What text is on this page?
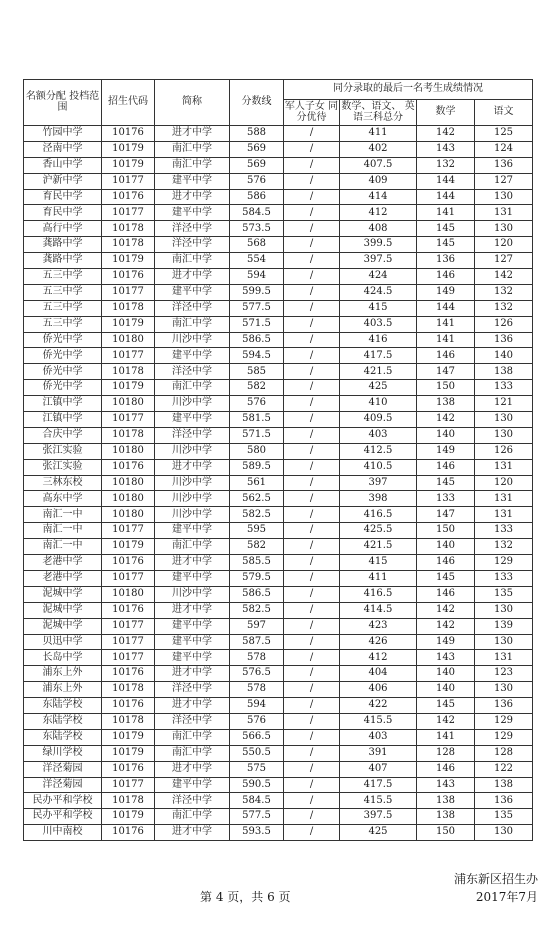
名额分配 投档范围	招生代码	简称	分数线	同分录取的最后一名考生成绩情况			
				军人子女 同分优待	数学、语文、 英语三科总分	数学	语文
竹园中学	10176	进才中学	588	/	411	142	125
泾南中学	10179	南汇中学	569	/	402	143	124
香山中学	10179	南汇中学	569	/	407.5	132	136
沪新中学	10177	建平中学	576	/	409	144	127
育民中学	10176	进才中学	586	/	414	144	130
育民中学	10177	建平中学	584.5	/	412	141	131
高行中学	10178	洋泾中学	573.5	/	408	145	130
龚路中学	10178	洋泾中学	568	/	399.5	145	120
龚路中学	10179	南汇中学	554	/	397.5	136	127
五三中学	10176	进才中学	594	/	424	146	142
五三中学	10177	建平中学	599.5	/	424.5	149	132
五三中学	10178	洋泾中学	577.5	/	415	144	132
五三中学	10179	南汇中学	571.5	/	403.5	141	126
侨光中学	10180	川沙中学	586.5	/	416	141	136
侨光中学	10177	建平中学	594.5	/	417.5	146	140
侨光中学	10178	洋泾中学	585	/	421.5	147	138
侨光中学	10179	南汇中学	582	/	425	150	133
江镇中学	10180	川沙中学	576	/	410	138	121
江镇中学	10177	建平中学	581.5	/	409.5	142	130
合庆中学	10178	洋泾中学	571.5	/	403	140	130
张江实验	10180	川沙中学	580	/	412.5	149	126
张江实验	10176	进才中学	589.5	/	410.5	146	131
三林东校	10180	川沙中学	561	/	397	145	120
高东中学	10180	川沙中学	562.5	/	398	133	131
南汇一中	10180	川沙中学	582.5	/	416.5	147	131
南汇一中	10177	建平中学	595	/	425.5	150	133
南汇一中	10179	南汇中学	582	/	421.5	140	132
老港中学	10176	进才中学	585.5	/	415	146	129
老港中学	10177	建平中学	579.5	/	411	145	133
泥城中学	10180	川沙中学	586.5	/	416.5	146	135
泥城中学	10176	进才中学	582.5	/	414.5	142	130
泥城中学	10177	建平中学	597	/	423	142	139
贝迅中学	10177	建平中学	587.5	/	426	149	130
长岛中学	10177	建平中学	578	/	412	143	131
浦东上外	10176	进才中学	576.5	/	404	140	123
浦东上外	10178	洋泾中学	578	/	406	140	130
东陆学校	10176	进才中学	594	/	422	145	136
东陆学校	10178	洋泾中学	576	/	415.5	142	129
东陆学校	10179	南汇中学	566.5	/	403	141	129
绿川学校	10179	南汇中学	550.5	/	391	128	128
洋泾菊园	10176	进才中学	575	/	407	146	122
洋泾菊园	10177	建平中学	590.5	/	417.5	143	138
民办平和学校	10178	洋泾中学	584.5	/	415.5	138	136
民办平和学校	10179	南汇中学	577.5	/	397.5	138	135
川中南校	10176	进才中学	593.5	/	425	150	130
第 4 页，共 6 页
浦东新区招生办
2017年7月
